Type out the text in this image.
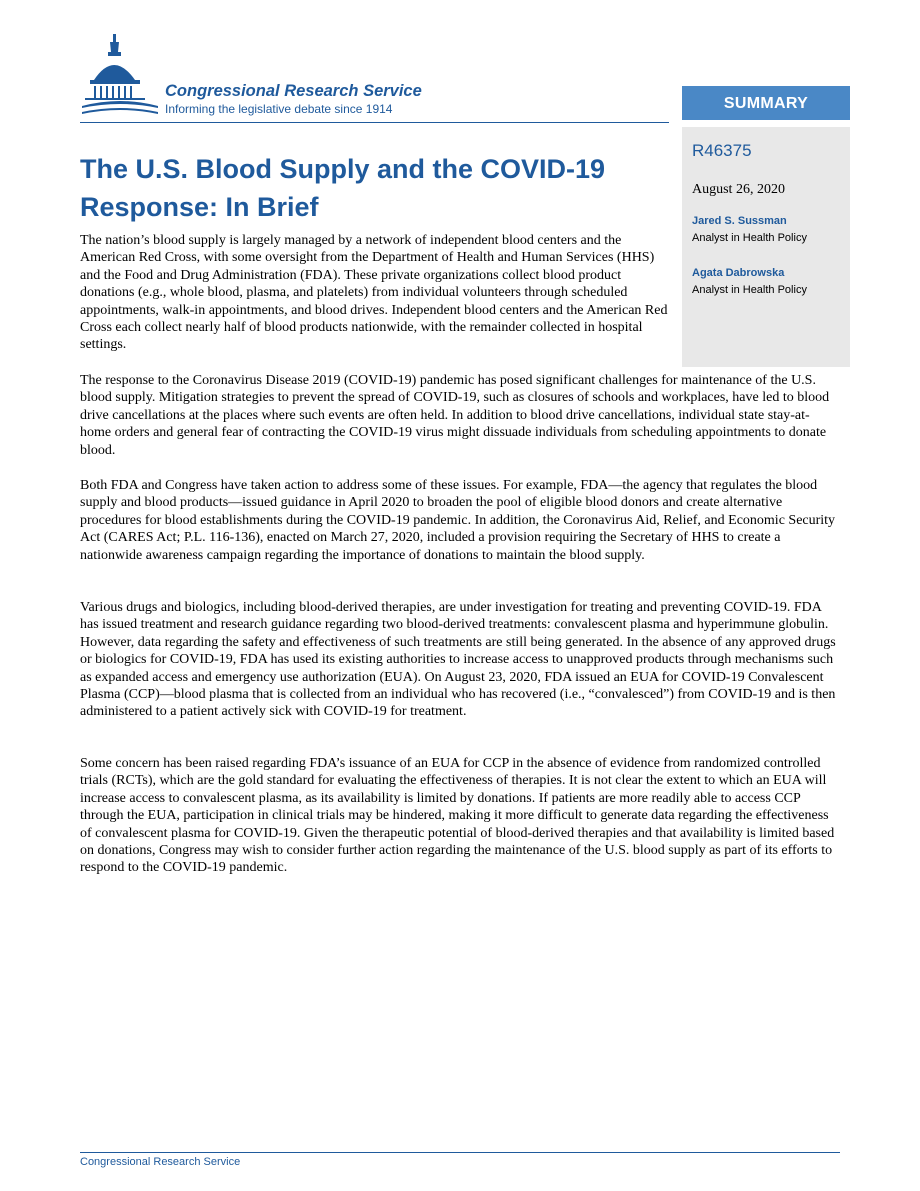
Congressional Research Service
Informing the legislative debate since 1914	SUMMARY

R46375

August 26, 2020

Jared S. Sussman
Analyst in Health Policy
Agata Dabrowska
Analyst in Health Policy
The U.S. Blood Supply and the COVID-19 Response: In Brief

The nation’s blood supply is largely managed by a network of independent blood centers and the American Red Cross, with some oversight from the Department of Health and Human Services (HHS) and the Food and Drug Administration (FDA). These private organizations collect blood product donations (e.g., whole blood, plasma, and platelets) from individual volunteers through scheduled appointments, walk-in appointments, and blood drives. Independent blood centers and the American Red Cross each collect nearly half of blood products nationwide, with the remainder collected in hospital settings.

The response to the Coronavirus Disease 2019 (COVID-19) pandemic has posed significant challenges for maintenance of the U.S. blood supply. Mitigation strategies to prevent the spread of COVID-19, such as closures of schools and workplaces, have led to blood drive cancellations at the places where such events are often held. In addition to blood drive cancellations, individual state stay-at-home orders and general fear of contracting the COVID-19 virus might dissuade individuals from scheduling appointments to donate blood.

Both FDA and Congress have taken action to address some of these issues. For example, FDA—the agency that regulates the blood supply and blood products—issued guidance in April 2020 to broaden the pool of eligible blood donors and create alternative procedures for blood establishments during the COVID-19 pandemic. In addition, the Coronavirus Aid, Relief, and Economic Security Act (CARES Act; P.L. 116-136), enacted on March 27, 2020, included a provision requiring the Secretary of HHS to create a nationwide awareness campaign regarding the importance of donations to maintain the blood supply.

Various drugs and biologics, including blood-derived therapies, are under investigation for treating and preventing COVID-19. FDA has issued treatment and research guidance regarding two blood-derived treatments: convalescent plasma and hyperimmune globulin. However, data regarding the safety and effectiveness of such treatments are still being generated. In the absence of any approved drugs or biologics for COVID-19, FDA has used its existing authorities to increase access to unapproved products through mechanisms such as expanded access and emergency use authorization (EUA). On August 23, 2020, FDA issued an EUA for COVID-19 Convalescent Plasma (CCP)—blood plasma that is collected from an individual who has recovered (i.e., “convalesced”) from COVID-19 and is then administered to a patient actively sick with COVID-19 for treatment.

Some concern has been raised regarding FDA’s issuance of an EUA for CCP in the absence of evidence from randomized controlled trials (RCTs), which are the gold standard for evaluating the effectiveness of therapies. It is not clear the extent to which an EUA will increase access to convalescent plasma, as its availability is limited by donations. If patients are more readily able to access CCP through the EUA, participation in clinical trials may be hindered, making it more difficult to generate data regarding the effectiveness of convalescent plasma for COVID-19. Given the therapeutic potential of blood-derived therapies and that availability is limited based on donations, Congress may wish to consider further action regarding the maintenance of the U.S. blood supply as part of its efforts to respond to the COVID-19 pandemic.

Congressional Research Service
